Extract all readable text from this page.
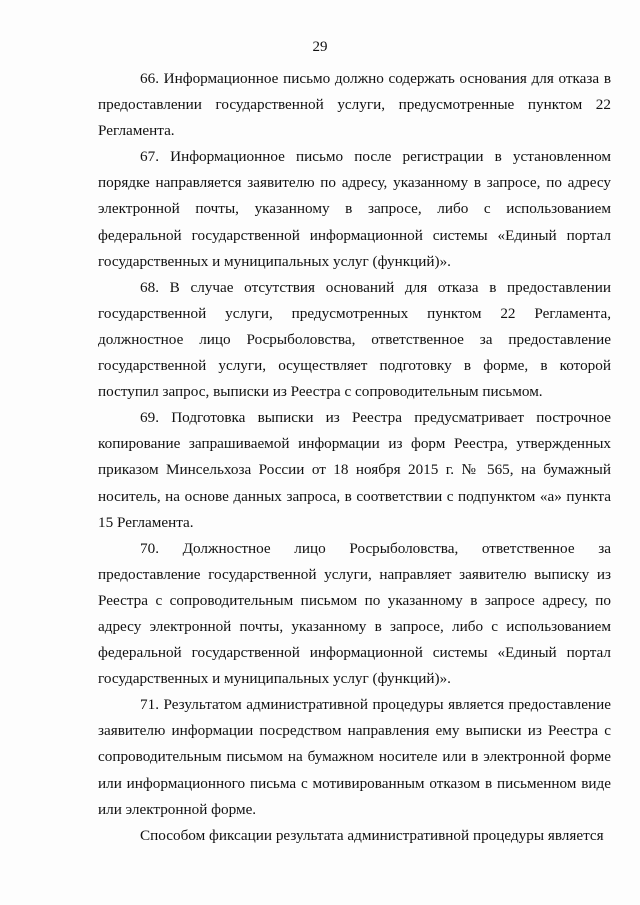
29

66. Информационное письмо должно содержать основания для отказа в предоставлении государственной услуги, предусмотренные пунктом 22 Регламента.

67. Информационное письмо после регистрации в установленном порядке направляется заявителю по адресу, указанному в запросе, по адресу электронной почты, указанному в запросе, либо с использованием федеральной государственной информационной системы «Единый портал государственных и муниципальных услуг (функций)».

68. В случае отсутствия оснований для отказа в предоставлении государственной услуги, предусмотренных пунктом 22 Регламента, должностное лицо Росрыболовства, ответственное за предоставление государственной услуги, осуществляет подготовку в форме, в которой поступил запрос, выписки из Реестра с сопроводительным письмом.

69. Подготовка выписки из Реестра предусматривает построчное копирование запрашиваемой информации из форм Реестра, утвержденных приказом Минсельхоза России от 18 ноября 2015 г. № 565, на бумажный носитель, на основе данных запроса, в соответствии с подпунктом «а» пункта 15 Регламента.

70. Должностное лицо Росрыболовства, ответственное за предоставление государственной услуги, направляет заявителю выписку из Реестра с сопроводительным письмом по указанному в запросе адресу, по адресу электронной почты, указанному в запросе, либо с использованием федеральной государственной информационной системы «Единый портал государственных и муниципальных услуг (функций)».

71. Результатом административной процедуры является предоставление заявителю информации посредством направления ему выписки из Реестра с сопроводительным письмом на бумажном носителе или в электронной форме или информационного письма с мотивированным отказом в письменном виде или электронной форме.

Способом фиксации результата административной процедуры является
